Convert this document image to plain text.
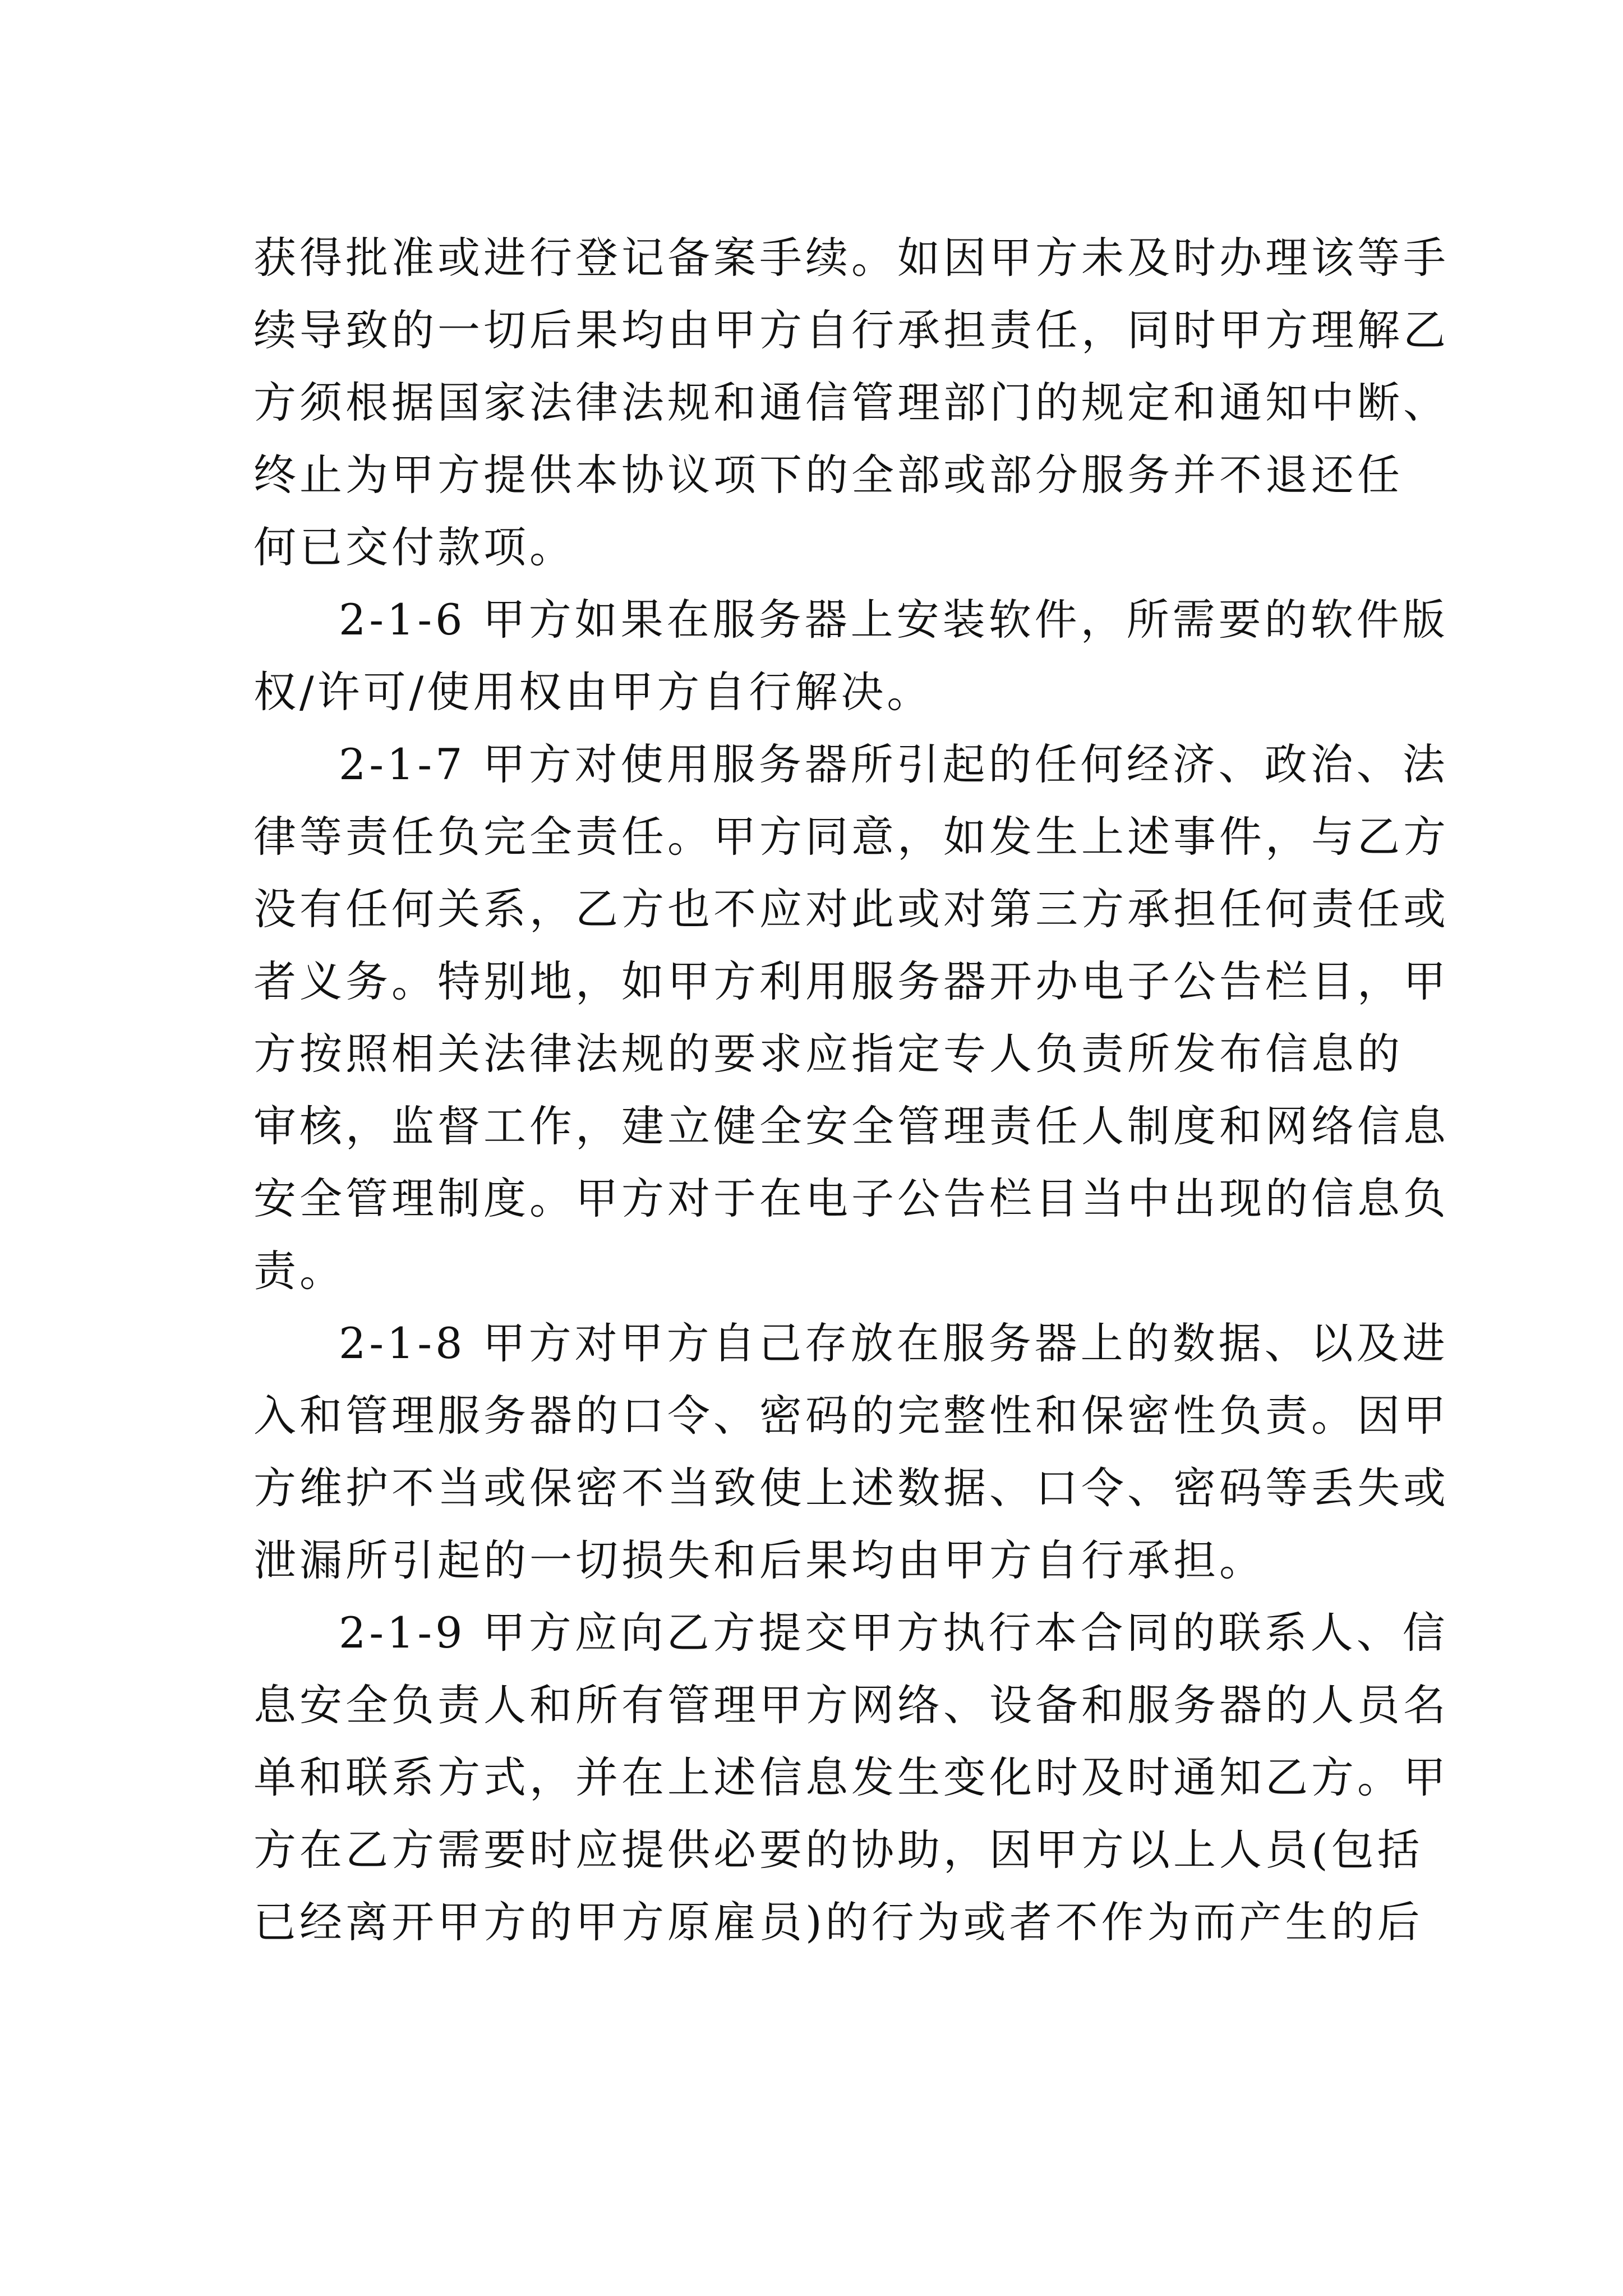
获得批准或进行登记备案手续。如因甲方未及时办理该等手
续导致的一切后果均由甲方自行承担责任，同时甲方理解乙
方须根据国家法律法规和通信管理部门的规定和通知中断、
终止为甲方提供本协议项下的全部或部分服务并不退还任
何已交付款项。
2-1-6 甲方如果在服务器上安装软件，所需要的软件版
权/许可/使用权由甲方自行解决。
2-1-7 甲方对使用服务器所引起的任何经济、政治、法
律等责任负完全责任。甲方同意，如发生上述事件，与乙方
没有任何关系，乙方也不应对此或对第三方承担任何责任或
者义务。特别地，如甲方利用服务器开办电子公告栏目，甲
方按照相关法律法规的要求应指定专人负责所发布信息的
审核，监督工作，建立健全安全管理责任人制度和网络信息
安全管理制度。甲方对于在电子公告栏目当中出现的信息负
责。
2-1-8 甲方对甲方自己存放在服务器上的数据、以及进
入和管理服务器的口令、密码的完整性和保密性负责。因甲
方维护不当或保密不当致使上述数据、口令、密码等丢失或
泄漏所引起的一切损失和后果均由甲方自行承担。
2-1-9 甲方应向乙方提交甲方执行本合同的联系人、信
息安全负责人和所有管理甲方网络、设备和服务器的人员名
单和联系方式，并在上述信息发生变化时及时通知乙方。甲
方在乙方需要时应提供必要的协助，因甲方以上人员(包括
已经离开甲方的甲方原雇员)的行为或者不作为而产生的后
